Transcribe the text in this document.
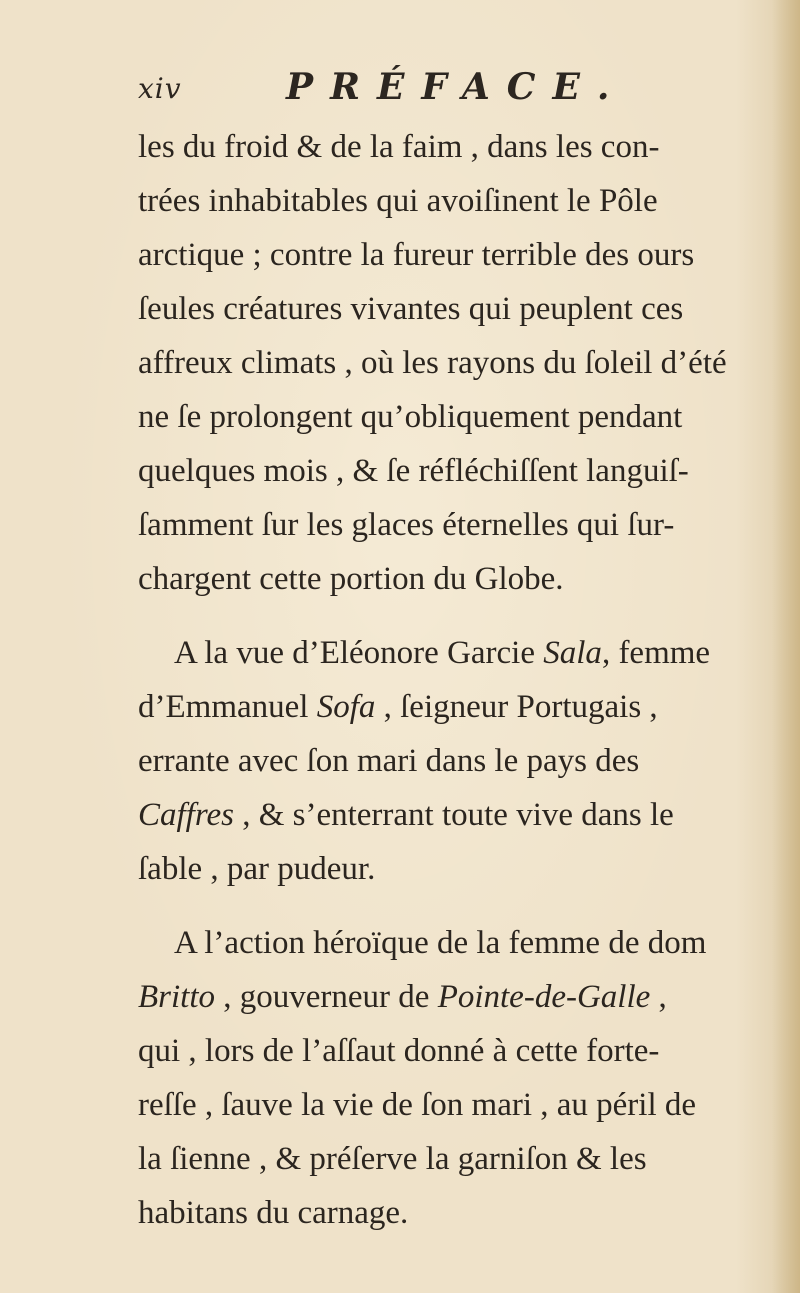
xiv	PRÉFACE.
les du froid & de la faim , dans les con-
trées inhabitables qui avoiſinent le Pôle
arctique ; contre la fureur terrible des ours
ſeules créatures vivantes qui peuplent ces
affreux climats , où les rayons du ſoleil d’été
ne ſe prolongent qu’obliquement pendant
quelques mois , & ſe réfléchiſſent languiſ-
ſamment ſur les glaces éternelles qui ſur-
chargent cette portion du Globe.
A la vue d’Eléonore Garcie Sala, femme
d’Emmanuel Sofa , ſeigneur Portugais ,
errante avec ſon mari dans le pays des
Caffres , & s’enterrant toute vive dans le
ſable , par pudeur.
A l’action héroïque de la femme de dom
Britto , gouverneur de Pointe-de-Galle ,
qui , lors de l’aſſaut donné à cette forte-
reſſe , ſauve la vie de ſon mari , au péril de
la ſienne , & préſerve la garniſon & les
habitans du carnage.
